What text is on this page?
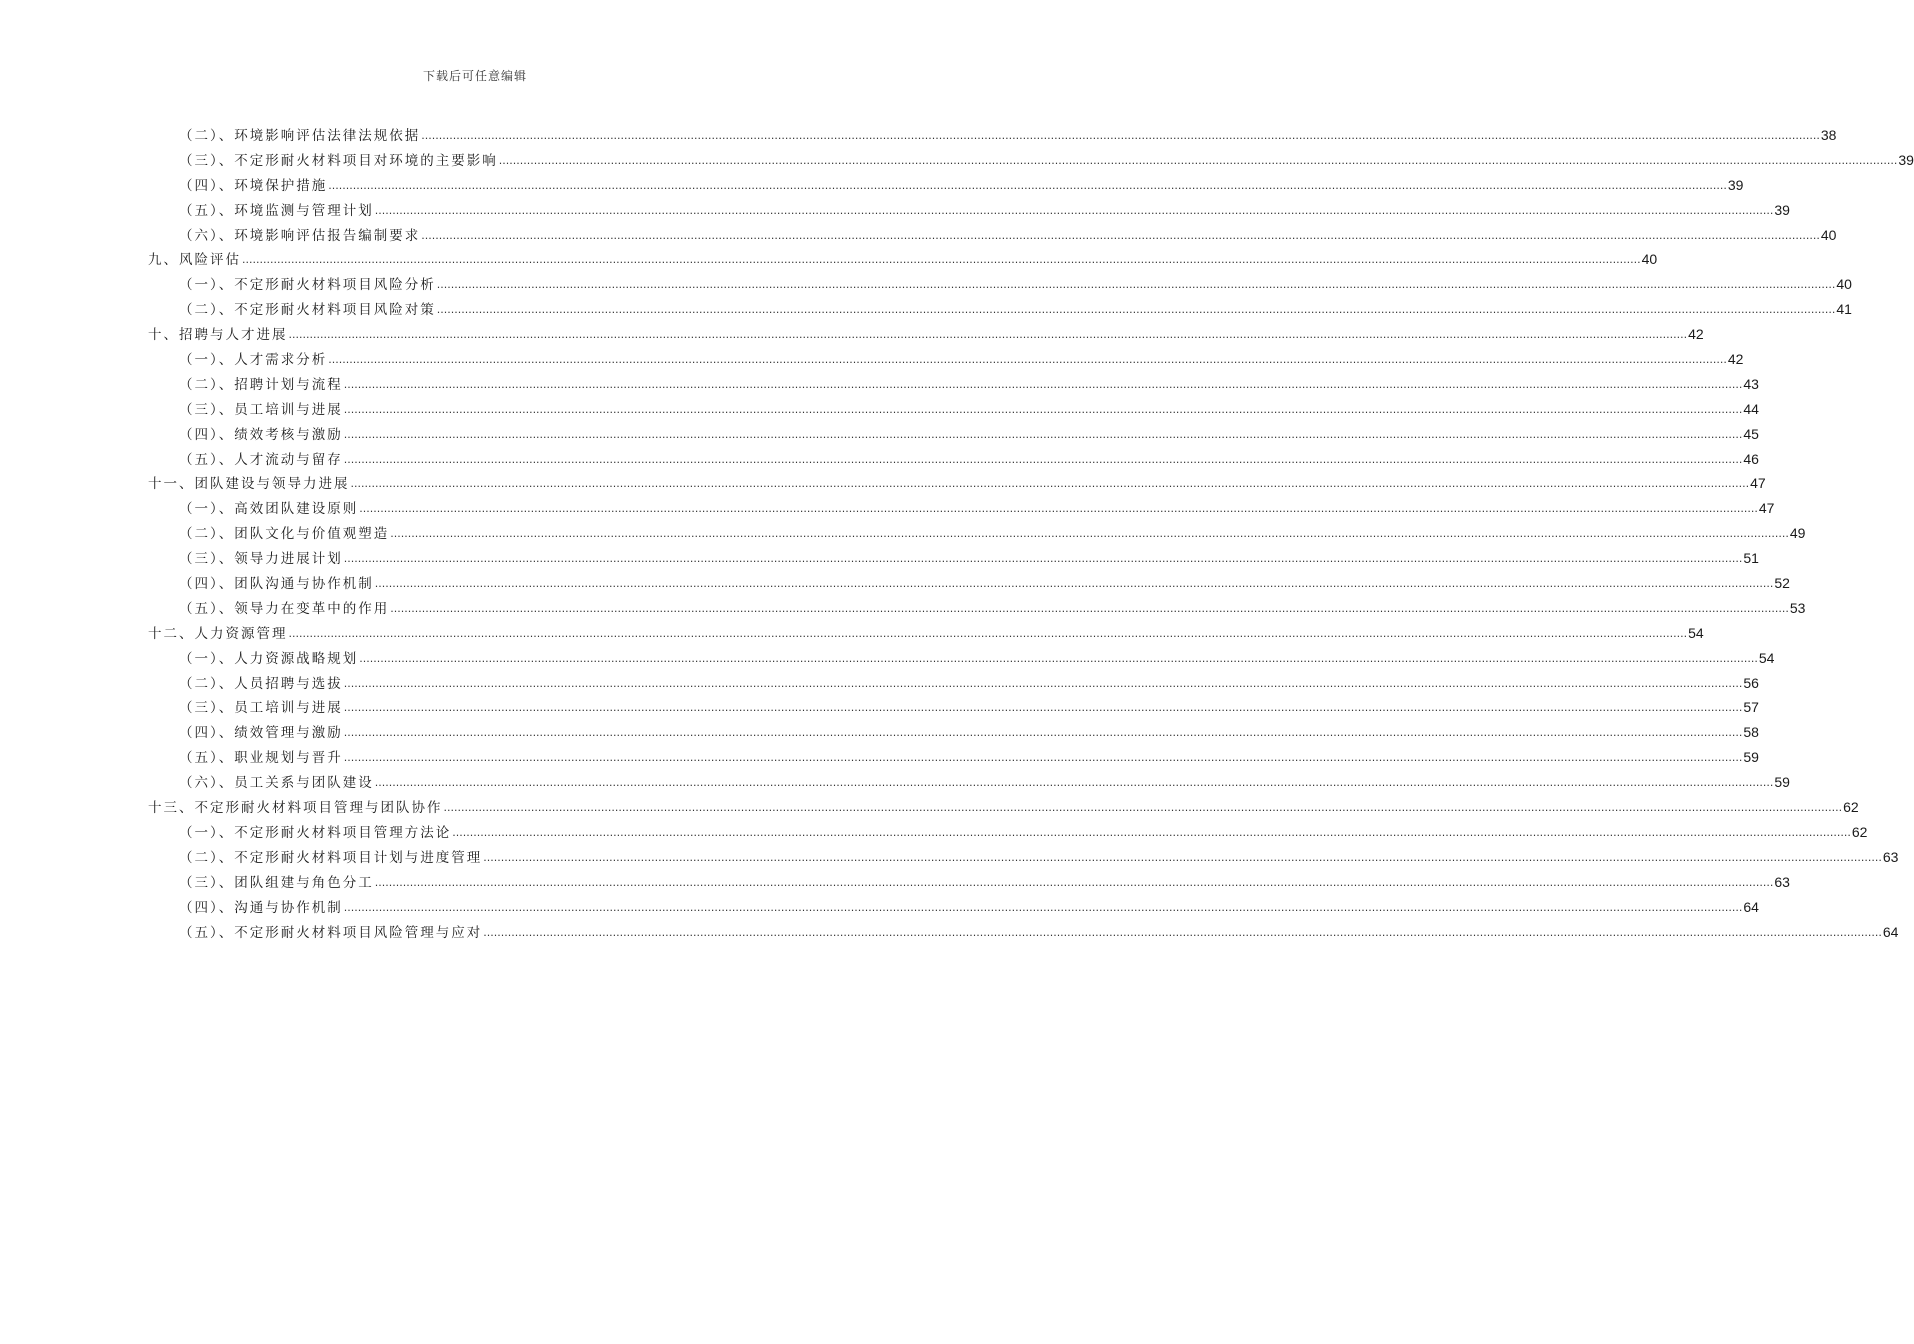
下载后可任意编辑
（二）、环境影响评估法律法规依据 ................................................................................................................................................................................................................................................................................................................................................................................................................ 38
（三）、不定形耐火材料项目对环境的主要影响 ................................................................................................................................................................................................................................................................................................................................................................................................................ 39
（四）、环境保护措施 ................................................................................................................................................................................................................................................................................................................................................................................................................ 39
（五）、环境监测与管理计划 ................................................................................................................................................................................................................................................................................................................................................................................................................ 39
（六）、环境影响评估报告编制要求 ................................................................................................................................................................................................................................................................................................................................................................................................................ 40
九、风险评估 ................................................................................................................................................................................................................................................................................................................................................................................................................ 40
（一）、不定形耐火材料项目风险分析 ................................................................................................................................................................................................................................................................................................................................................................................................................ 40
（二）、不定形耐火材料项目风险对策 ................................................................................................................................................................................................................................................................................................................................................................................................................ 41
十、招聘与人才进展 ................................................................................................................................................................................................................................................................................................................................................................................................................ 42
（一）、人才需求分析 ................................................................................................................................................................................................................................................................................................................................................................................................................ 42
（二）、招聘计划与流程 ................................................................................................................................................................................................................................................................................................................................................................................................................ 43
（三）、员工培训与进展 ................................................................................................................................................................................................................................................................................................................................................................................................................ 44
（四）、绩效考核与激励 ................................................................................................................................................................................................................................................................................................................................................................................................................ 45
（五）、人才流动与留存 ................................................................................................................................................................................................................................................................................................................................................................................................................ 46
十一、团队建设与领导力进展 ................................................................................................................................................................................................................................................................................................................................................................................................................ 47
（一）、高效团队建设原则 ................................................................................................................................................................................................................................................................................................................................................................................................................ 47
（二）、团队文化与价值观塑造 ................................................................................................................................................................................................................................................................................................................................................................................................................ 49
（三）、领导力进展计划 ................................................................................................................................................................................................................................................................................................................................................................................................................ 51
（四）、团队沟通与协作机制 ................................................................................................................................................................................................................................................................................................................................................................................................................ 52
（五）、领导力在变革中的作用 ................................................................................................................................................................................................................................................................................................................................................................................................................ 53
十二、人力资源管理 ................................................................................................................................................................................................................................................................................................................................................................................................................ 54
（一）、人力资源战略规划 ................................................................................................................................................................................................................................................................................................................................................................................................................ 54
（二）、人员招聘与选拔 ................................................................................................................................................................................................................................................................................................................................................................................................................ 56
（三）、员工培训与进展 ................................................................................................................................................................................................................................................................................................................................................................................................................ 57
（四）、绩效管理与激励 ................................................................................................................................................................................................................................................................................................................................................................................................................ 58
（五）、职业规划与晋升 ................................................................................................................................................................................................................................................................................................................................................................................................................ 59
（六）、员工关系与团队建设 ................................................................................................................................................................................................................................................................................................................................................................................................................ 59
十三、不定形耐火材料项目管理与团队协作 ................................................................................................................................................................................................................................................................................................................................................................................................................ 62
（一）、不定形耐火材料项目管理方法论 ................................................................................................................................................................................................................................................................................................................................................................................................................ 62
（二）、不定形耐火材料项目计划与进度管理 ................................................................................................................................................................................................................................................................................................................................................................................................................ 63
（三）、团队组建与角色分工 ................................................................................................................................................................................................................................................................................................................................................................................................................ 63
（四）、沟通与协作机制 ................................................................................................................................................................................................................................................................................................................................................................................................................ 64
（五）、不定形耐火材料项目风险管理与应对 ................................................................................................................................................................................................................................................................................................................................................................................................................ 64
